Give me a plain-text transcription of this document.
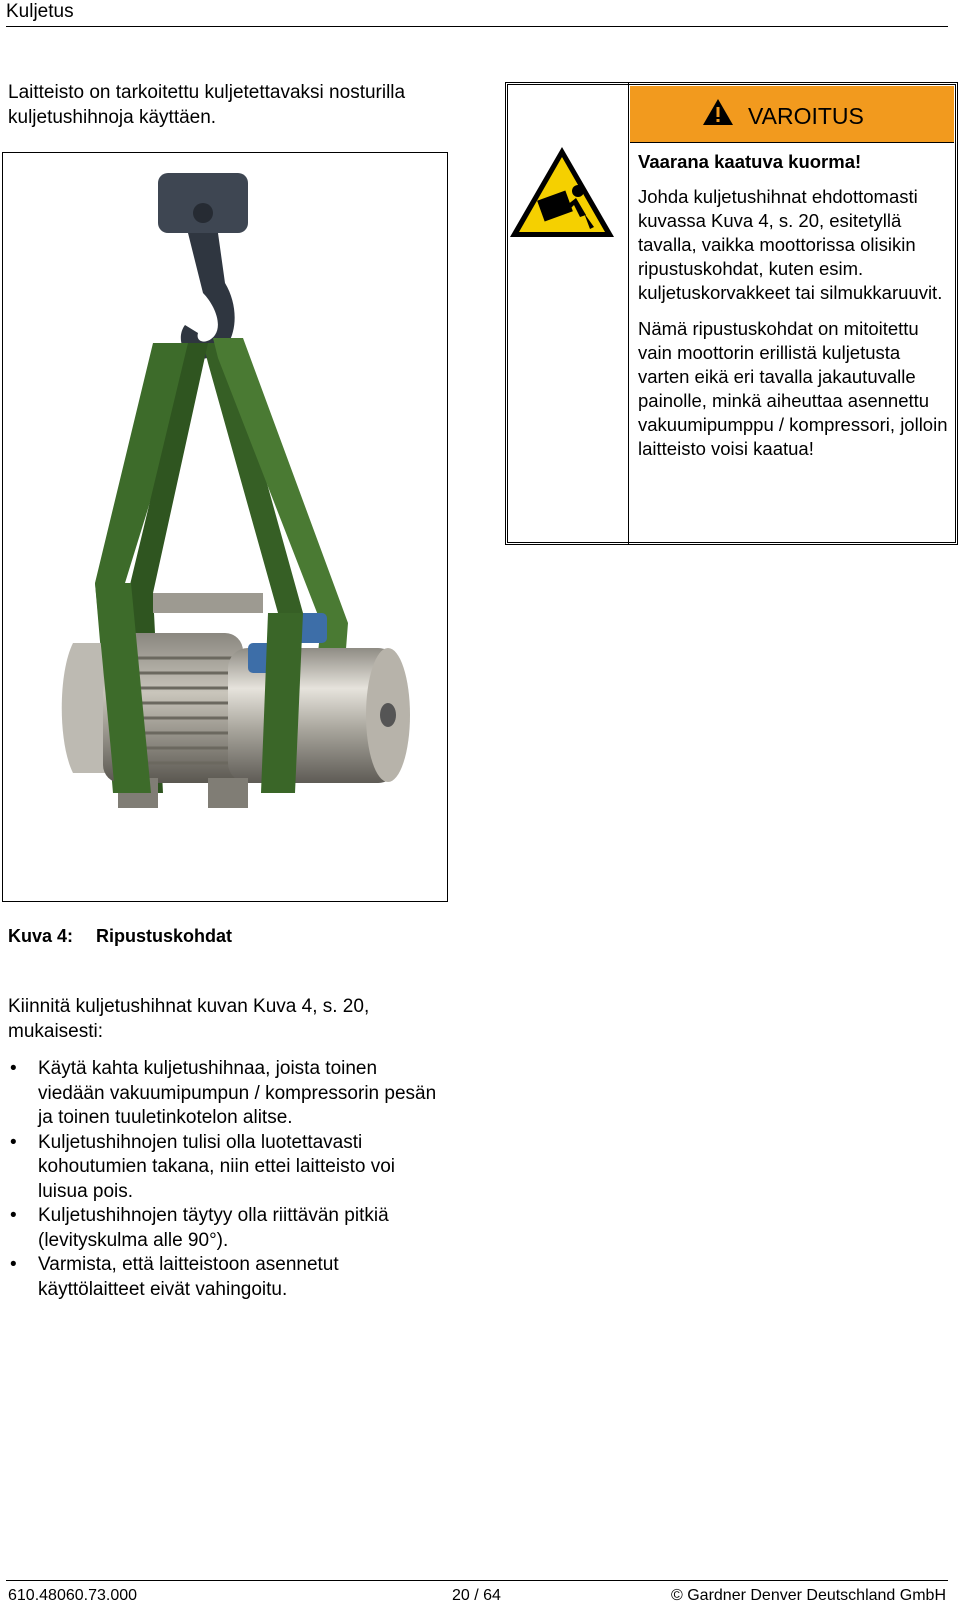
Kuljetus
Laitteisto on tarkoitettu kuljetettavaksi nosturilla kuljetushihnoja käyttäen.	VAROITUS
Vaarana kaatuva kuorma!

Johda kuljetushihnat ehdottomasti kuvassa Kuva 4, s. 20, esitetyllä tavalla, vaikka moottorissa olisikin ripustuskohdat, kuten esim. kuljetuskorvakkeet tai silmukkaruuvit.

Nämä ripustuskohdat on mitoitettu vain moottorin erillistä kuljetusta varten eikä eri tavalla jakautuvalle painolle, minkä aiheuttaa asennettu vakuumipumppu / kompressori, jolloin laitteisto voisi kaatua!

Kuva 4: Ripustuskohdat
Kiinnitä kuljetushihnat kuvan Kuva 4, s. 20, mukaisesti:
• Käytä kahta kuljetushihnaa, joista toinen viedään vakuumipumpun / kompressorin pesän ja toinen tuuletinkotelon alitse.
• Kuljetushihnojen tulisi olla luotettavasti kohoutumien takana, niin ettei laitteisto voi luisua pois.
• Kuljetushihnojen täytyy olla riittävän pitkiä (levityskulma alle 90°).
• Varmista, että laitteistoon asennetut käyttölaitteet eivät vahingoitu.
610.48060.73.000	20 / 64	© Gardner Denver Deutschland GmbH
